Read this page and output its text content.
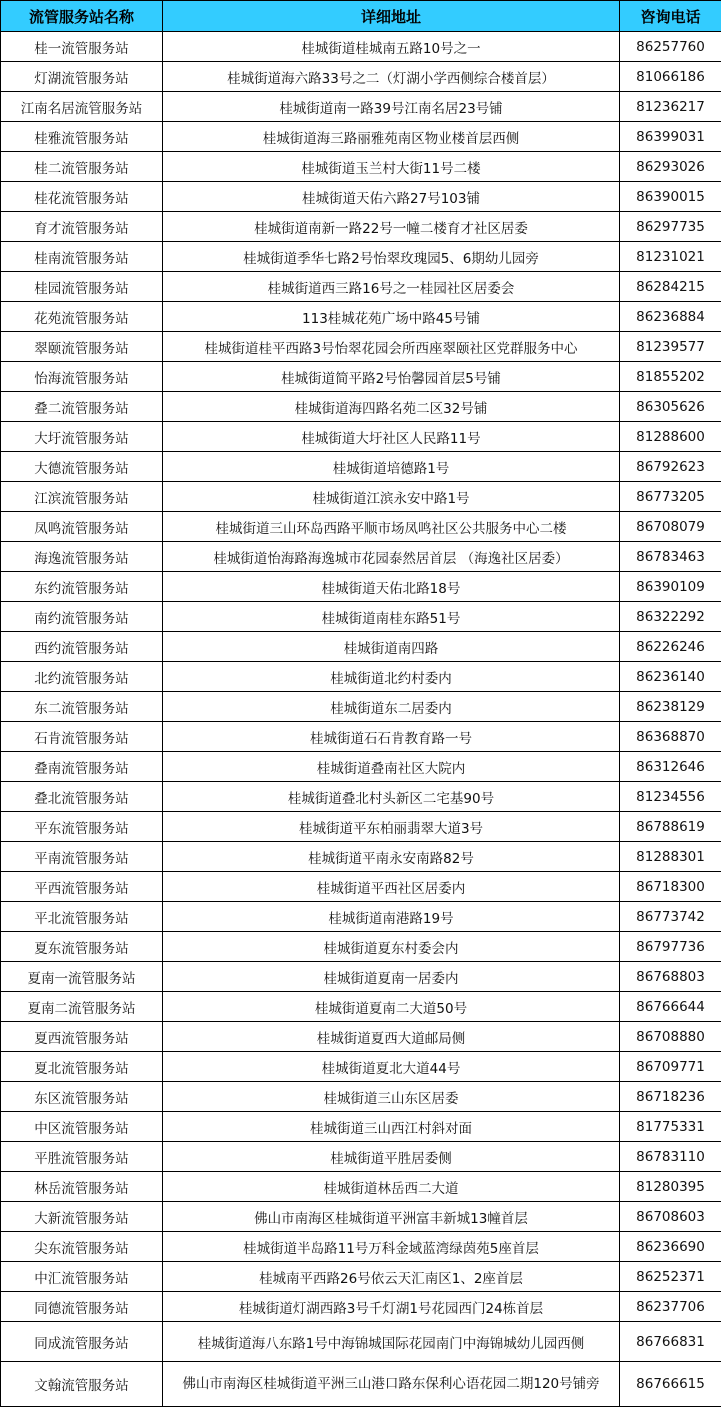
流管服务站名称	详细地址	咨询电话
桂一流管服务站	桂城街道桂城南五路10号之一	86257760
灯湖流管服务站	桂城街道海六路33号之二（灯湖小学西侧综合楼首层）	81066186
江南名居流管服务站	桂城街道南一路39号江南名居23号铺	81236217
桂雅流管服务站	桂城街道海三路丽雅苑南区物业楼首层西侧	86399031
桂二流管服务站	桂城街道玉兰村大街11号二楼	86293026
桂花流管服务站	桂城街道天佑六路27号103铺	86390015
育才流管服务站	桂城街道南新一路22号一幢二楼育才社区居委	86297735
桂南流管服务站	桂城街道季华七路2号怡翠玫瑰园5、6期幼儿园旁	81231021
桂园流管服务站	桂城街道西三路16号之一桂园社区居委会	86284215
花苑流管服务站	113桂城花苑广场中路45号铺	86236884
翠颐流管服务站	桂城街道桂平西路3号怡翠花园会所西座翠颐社区党群服务中心	81239577
怡海流管服务站	桂城街道简平路2号怡馨园首层5号铺	81855202
叠二流管服务站	桂城街道海四路名苑二区32号铺	86305626
大圩流管服务站	桂城街道大圩社区人民路11号	81288600
大德流管服务站	桂城街道培德路1号	86792623
江滨流管服务站	桂城街道江滨永安中路1号	86773205
凤鸣流管服务站	桂城街道三山环岛西路平顺市场凤鸣社区公共服务中心二楼	86708079
海逸流管服务站	桂城街道怡海路海逸城市花园泰然居首层 （海逸社区居委）	86783463
东约流管服务站	桂城街道天佑北路18号	86390109
南约流管服务站	桂城街道南桂东路51号	86322292
西约流管服务站	桂城街道南四路	86226246
北约流管服务站	桂城街道北约村委内	86236140
东二流管服务站	桂城街道东二居委内	86238129
石肯流管服务站	桂城街道石石肯教育路一号	86368870
叠南流管服务站	桂城街道叠南社区大院内	86312646
叠北流管服务站	桂城街道叠北村头新区二宅基90号	81234556
平东流管服务站	桂城街道平东柏丽翡翠大道3号	86788619
平南流管服务站	桂城街道平南永安南路82号	81288301
平西流管服务站	桂城街道平西社区居委内	86718300
平北流管服务站	桂城街道南港路19号	86773742
夏东流管服务站	桂城街道夏东村委会内	86797736
夏南一流管服务站	桂城街道夏南一居委内	86768803
夏南二流管服务站	桂城街道夏南二大道50号	86766644
夏西流管服务站	桂城街道夏西大道邮局侧	86708880
夏北流管服务站	桂城街道夏北大道44号	86709771
东区流管服务站	桂城街道三山东区居委	86718236
中区流管服务站	桂城街道三山西江村斜对面	81775331
平胜流管服务站	桂城街道平胜居委侧	86783110
林岳流管服务站	桂城街道林岳西二大道	81280395
大新流管服务站	佛山市南海区桂城街道平洲富丰新城13幢首层	86708603
尖东流管服务站	桂城街道半岛路11号万科金域蓝湾绿茵苑5座首层	86236690
中汇流管服务站	桂城南平西路26号依云天汇南区1、2座首层	86252371
同德流管服务站	桂城街道灯湖西路3号千灯湖1号花园西门24栋首层	86237706
同成流管服务站	桂城街道海八东路1号中海锦城国际花园南门中海锦城幼儿园西侧	86766831
文翰流管服务站	佛山市南海区桂城街道平洲三山港口路东保利心语花园二期120号铺旁	86766615
